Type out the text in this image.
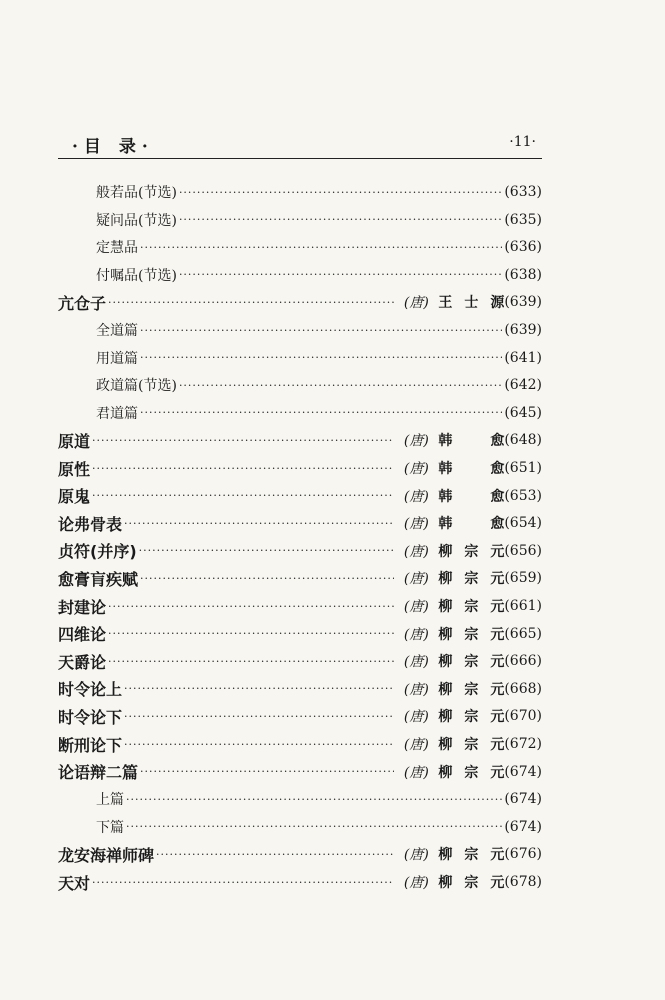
·目 录·	·11·
般若品(节选) ·····	(633)
疑问品(节选) ·····	(635)
定慧品 ·····	(636)
付嘱品(节选) ·····	(638)
亢仓子 ·····	(唐) 王士源 (639)
全道篇 ·····	(639)
用道篇 ·····	(641)
政道篇(节选) ·····	(642)
君道篇 ·····	(645)
原道 ·····	(唐) 韩 愈 (648)
原性 ·····	(唐) 韩 愈 (651)
原鬼 ·····	(唐) 韩 愈 (653)
论弗骨表 ·····	(唐) 韩 愈 (654)
贞符(并序) ·····	(唐) 柳宗元 (656)
愈膏肓疾赋 ·····	(唐) 柳宗元 (659)
封建论 ·····	(唐) 柳宗元 (661)
四维论 ·····	(唐) 柳宗元 (665)
天爵论 ·····	(唐) 柳宗元 (666)
时令论上 ·····	(唐) 柳宗元 (668)
时令论下 ·····	(唐) 柳宗元 (670)
断刑论下 ·····	(唐) 柳宗元 (672)
论语辩二篇 ·····	(唐) 柳宗元 (674)
上篇 ·····	(674)
下篇 ·····	(674)
龙安海禅师碑 ·····	(唐) 柳宗元 (676)
天对 ·····	(唐) 柳宗元 (678)
